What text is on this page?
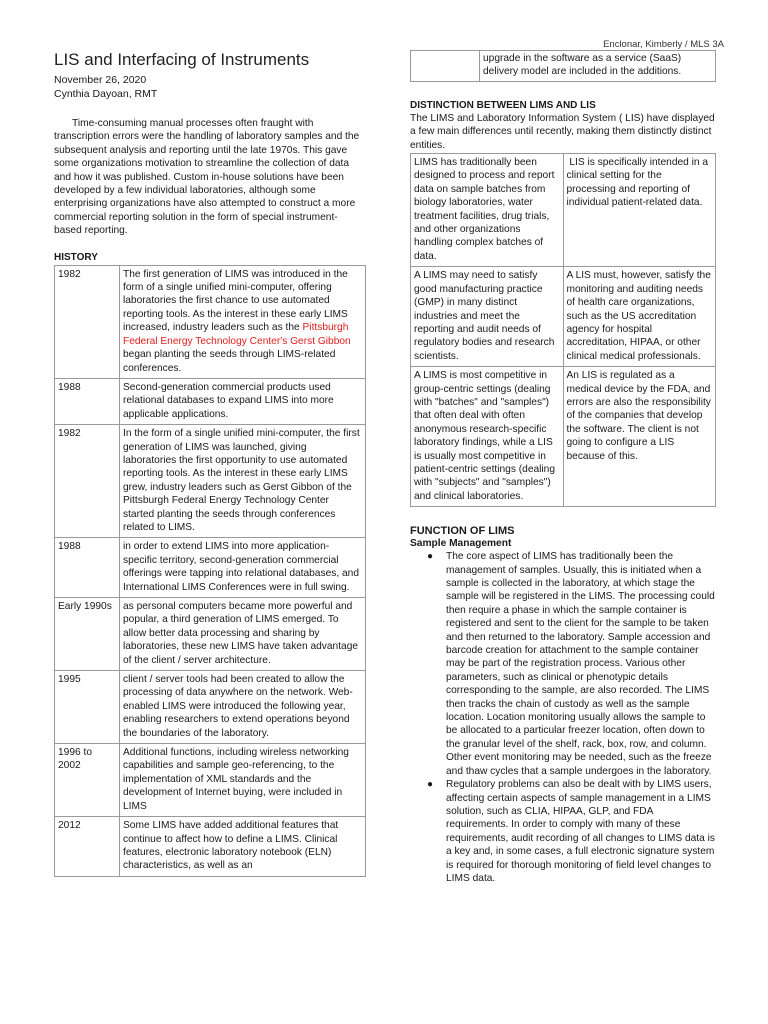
Enclonar, Kimberly / MLS 3A
LIS and Interfacing of Instruments
November 26, 2020
Cynthia Dayoan, RMT

Time-consuming manual processes often fraught with transcription errors were the handling of laboratory samples and the subsequent analysis and reporting until the late 1970s. This gave some organizations motivation to streamline the collection of data and how it was published. Custom in-house solutions have been developed by a few individual laboratories, although some enterprising organizations have also attempted to construct a more commercial reporting solution in the form of special instrument-based reporting.

HISTORY
1982	The first generation of LIMS was introduced in the form of a single unified mini-computer, offering laboratories the first chance to use automated reporting tools. As the interest in these early LIMS increased, industry leaders such as the Pittsburgh Federal Energy Technology Center's Gerst Gibbon began planting the seeds through LIMS-related conferences.
1988	Second-generation commercial products used relational databases to expand LIMS into more applicable applications.
1982	In the form of a single unified mini-computer, the first generation of LIMS was launched, giving laboratories the first opportunity to use automated reporting tools. As the interest in these early LIMS grew, industry leaders such as Gerst Gibbon of the Pittsburgh Federal Energy Technology Center started planting the seeds through conferences related to LIMS.
1988	in order to extend LIMS into more application-specific territory, second-generation commercial offerings were tapping into relational databases, and International LIMS Conferences were in full swing.
Early 1990s	as personal computers became more powerful and popular, a third generation of LIMS emerged. To allow better data processing and sharing by laboratories, these new LIMS have taken advantage of the client / server architecture.
1995	client / server tools had been created to allow the processing of data anywhere on the network. Web-enabled LIMS were introduced the following year, enabling researchers to extend operations beyond the boundaries of the laboratory.
1996 to 2002	Additional functions, including wireless networking capabilities and sample geo-referencing, to the implementation of XML standards and the development of Internet buying, were included in LIMS
2012	Some LIMS have added additional features that continue to affect how to define a LIMS. Clinical features, electronic laboratory notebook (ELN) characteristics, as well as an
	upgrade in the software as a service (SaaS) delivery model are included in the additions.
DISTINCTION BETWEEN LIMS AND LIS

The LIMS and Laboratory Information System ( LIS) have displayed a few main differences until recently, making them distinctly distinct entities.

LIMS has traditionally been designed to process and report data on sample batches from biology laboratories, water treatment facilities, drug trials, and other organizations handling complex batches of data.	LIS is specifically intended in a clinical setting for the processing and reporting of individual patient-related data.
A LIMS may need to satisfy good manufacturing practice (GMP) in many distinct industries and meet the reporting and audit needs of regulatory bodies and research scientists.	A LIS must, however, satisfy the monitoring and auditing needs of health care organizations, such as the US accreditation agency for hospital accreditation, HIPAA, or other clinical medical professionals.
A LIMS is most competitive in group-centric settings (dealing with "batches" and "samples") that often deal with often anonymous research-specific laboratory findings, while a LIS is usually most competitive in patient-centric settings (dealing with "subjects" and "samples") and clinical laboratories.	An LIS is regulated as a medical device by the FDA, and errors are also the responsibility of the companies that develop the software. The client is not going to configure a LIS because of this.
FUNCTION OF LIMS
Sample Management
● The core aspect of LIMS has traditionally been the management of samples. Usually, this is initiated when a sample is collected in the laboratory, at which stage the sample will be registered in the LIMS. The processing could then require a phase in which the sample container is registered and sent to the client for the sample to be taken and then returned to the laboratory. Sample accession and barcode creation for attachment to the sample container may be part of the registration process. Various other parameters, such as clinical or phenotypic details corresponding to the sample, are also recorded. The LIMS then tracks the chain of custody as well as the sample location. Location monitoring usually allows the sample to be allocated to a particular freezer location, often down to the granular level of the shelf, rack, box, row, and column. Other event monitoring may be needed, such as the freeze and thaw cycles that a sample undergoes in the laboratory.
● Regulatory problems can also be dealt with by LIMS users, affecting certain aspects of sample management in a LIMS solution, such as CLIA, HIPAA, GLP, and FDA requirements. In order to comply with many of these requirements, audit recording of all changes to LIMS data is a key and, in some cases, a full electronic signature system is required for thorough monitoring of field level changes to LIMS data.
